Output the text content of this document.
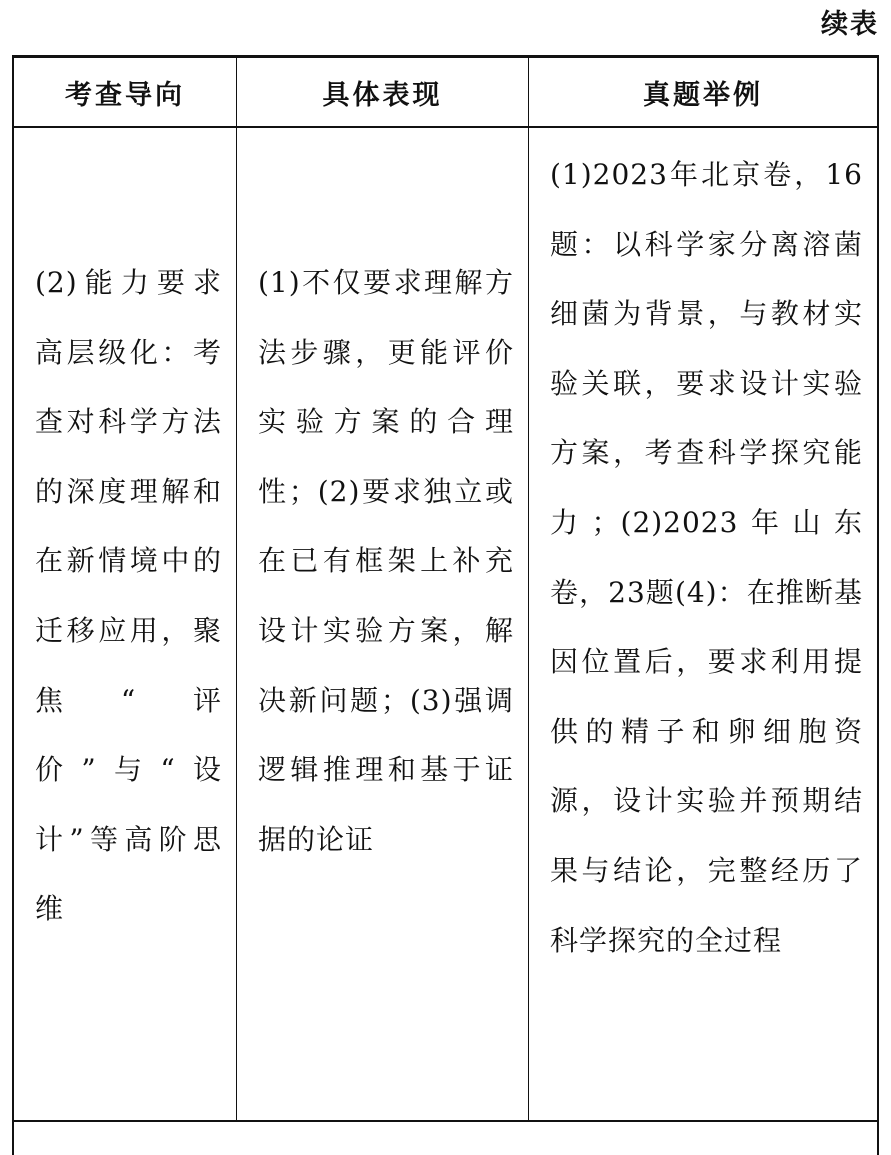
续表
考查导向	具体表现	真题举例
(2)能力要求高层级化：考查对科学方法的深度理解和在新情境中的迁移应用，聚焦“评价”与“设计”等高阶思维
(1)不仅要求理解方法步骤，更能评价实验方案的合理性；(2)要求独立或在已有框架上补充设计实验方案，解决新问题；(3)强调逻辑推理和基于证据的论证
(1)2023年北京卷，16题：以科学家分离溶菌细菌为背景，与教材实验关联，要求设计实验方案，考查科学探究能力；(2)2023年山东卷，23题(4)：在推断基因位置后，要求利用提供的精子和卵细胞资源，设计实验并预期结果与结论，完整经历了科学探究的全过程
